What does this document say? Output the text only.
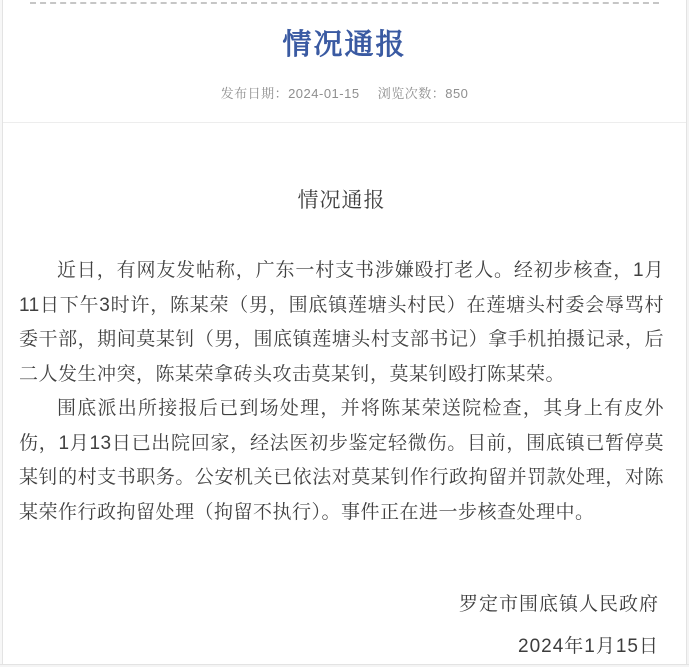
情况通报
发布日期：2024-01-15 浏览次数：850
情况通报

近日，有网友发帖称，广东一村支书涉嫌殴打老人。经初步核查，1月11日下午3时许，陈某荣（男，围底镇莲塘头村民）在莲塘头村委会辱骂村委干部，期间莫某钊（男，围底镇莲塘头村支部书记）拿手机拍摄记录，后二人发生冲突，陈某荣拿砖头攻击莫某钊，莫某钊殴打陈某荣。

围底派出所接报后已到场处理，并将陈某荣送院检查，其身上有皮外伤，1月13日已出院回家，经法医初步鉴定轻微伤。目前，围底镇已暂停莫某钊的村支书职务。公安机关已依法对莫某钊作行政拘留并罚款处理，对陈某荣作行政拘留处理（拘留不执行）。事件正在进一步核查处理中。

罗定市围底镇人民政府
2024年1月15日
